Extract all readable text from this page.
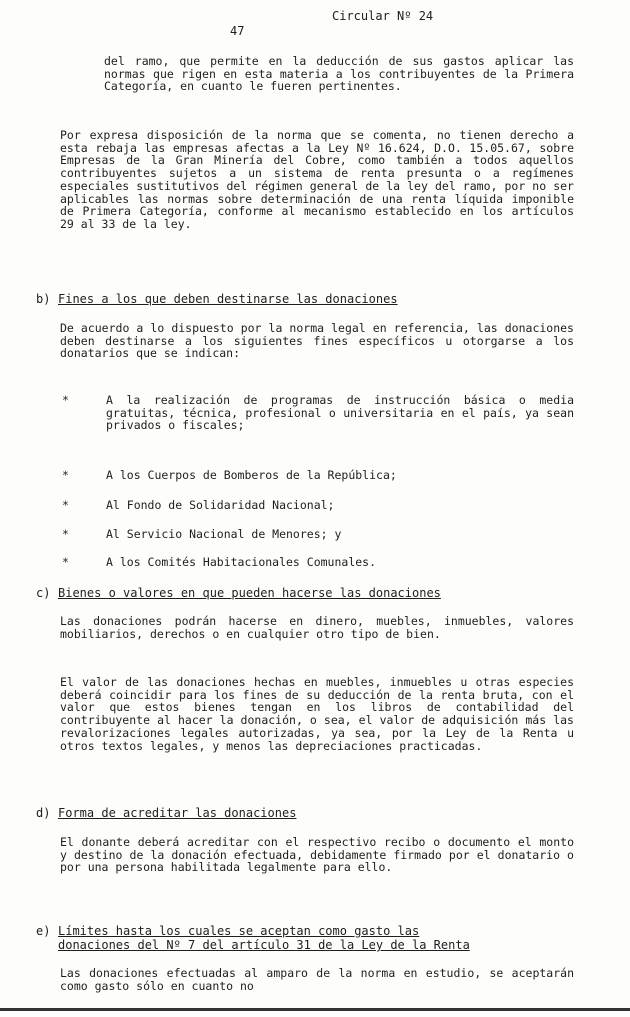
Circular Nº 24
47

del ramo, que permite en la deducción de sus gastos aplicar las normas que rigen en esta materia a los contribuyentes de la Primera Categoría, en cuanto le fueren pertinentes.

Por expresa disposición de la norma que se comenta, no tienen derecho a esta rebaja las empresas afectas a la Ley Nº 16.624, D.O. 15.05.67, sobre Empresas de la Gran Minería del Cobre, como también a todos aquellos contribuyentes sujetos a un sistema de renta presunta o a regímenes especiales sustitutivos del régimen general de la ley del ramo, por no ser aplicables las normas sobre determinación de una renta líquida imponible de Primera Categoría, conforme al mecanismo establecido en los artículos 29 al 33 de la ley.

b) Fines a los que deben destinarse las donaciones

De acuerdo a lo dispuesto por la norma legal en referencia, las donaciones deben destinarse a los siguientes fines específicos u otorgarse a los donatarios que se indican:

*	A la realización de programas de instrucción básica o media gratuitas, técnica, profesional o universitaria en el país, ya sean privados o fiscales;
*	A los Cuerpos de Bomberos de la República;
*	Al Fondo de Solidaridad Nacional;
*	Al Servicio Nacional de Menores; y
*	A los Comités Habitacionales Comunales.
c) Bienes o valores en que pueden hacerse las donaciones

Las donaciones podrán hacerse en dinero, muebles, inmuebles, valores mobiliarios, derechos o en cualquier otro tipo de bien.

El valor de las donaciones hechas en muebles, inmuebles u otras especies deberá coincidir para los fines de su deducción de la renta bruta, con el valor que estos bienes tengan en los libros de contabilidad del contribuyente al hacer la donación, o sea, el valor de adquisición más las revalorizaciones legales autorizadas, ya sea, por la Ley de la Renta u otros textos legales, y menos las depreciaciones practicadas.

d) Forma de acreditar las donaciones

El donante deberá acreditar con el respectivo recibo o documento el monto y destino de la donación efectuada, debidamente firmado por el donatario o por una persona habilitada legalmente para ello.

e) Límites hasta los cuales se aceptan como gasto las
donaciones del Nº 7 del artículo 31 de la Ley de la Renta

Las donaciones efectuadas al amparo de la norma en estudio, se aceptarán como gasto sólo en cuanto no
